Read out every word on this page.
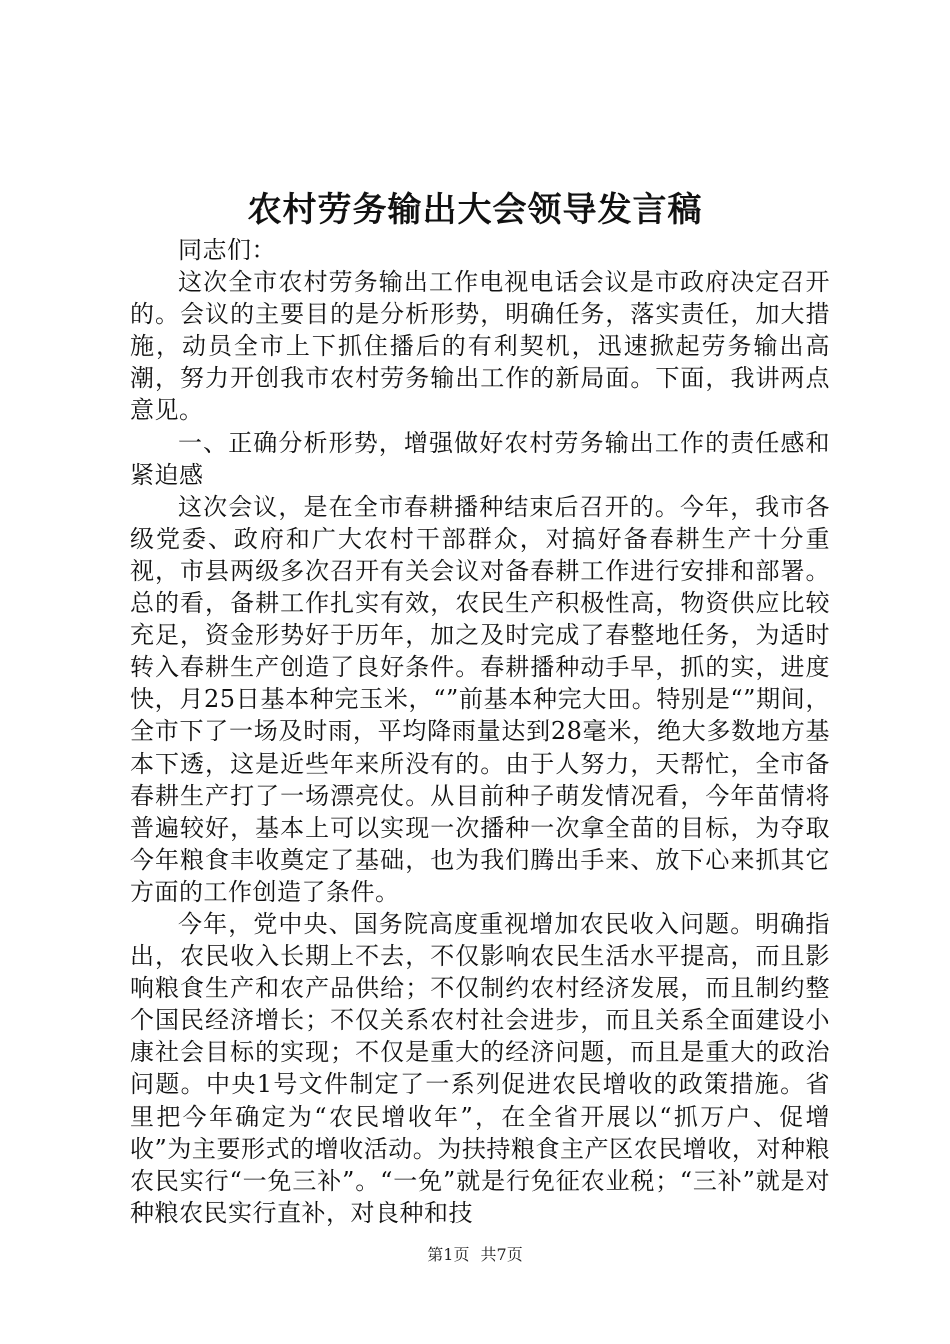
农村劳务输出大会领导发言稿

同志们：

这次全市农村劳务输出工作电视电话会议是市政府决定召开的。会议的主要目的是分析形势，明确任务，落实责任，加大措施，动员全市上下抓住播后的有利契机，迅速掀起劳务输出高潮，努力开创我市农村劳务输出工作的新局面。下面，我讲两点意见。

一、正确分析形势，增强做好农村劳务输出工作的责任感和紧迫感

这次会议，是在全市春耕播种结束后召开的。今年，我市各级党委、政府和广大农村干部群众，对搞好备春耕生产十分重视，市县两级多次召开有关会议对备春耕工作进行安排和部署。总的看，备耕工作扎实有效，农民生产积极性高，物资供应比较充足，资金形势好于历年，加之及时完成了春整地任务，为适时转入春耕生产创造了良好条件。春耕播种动手早，抓的实，进度快，月25日基本种完玉米，“”前基本种完大田。特别是“”期间，全市下了一场及时雨，平均降雨量达到28毫米，绝大多数地方基本下透，这是近些年来所没有的。由于人努力，天帮忙，全市备春耕生产打了一场漂亮仗。从目前种子萌发情况看，今年苗情将普遍较好，基本上可以实现一次播种一次拿全苗的目标，为夺取今年粮食丰收奠定了基础，也为我们腾出手来、放下心来抓其它方面的工作创造了条件。

今年，党中央、国务院高度重视增加农民收入问题。明确指出，农民收入长期上不去，不仅影响农民生活水平提高，而且影响粮食生产和农产品供给；不仅制约农村经济发展，而且制约整个国民经济增长；不仅关系农村社会进步，而且关系全面建设小康社会目标的实现；不仅是重大的经济问题，而且是重大的政治问题。中央1号文件制定了一系列促进农民增收的政策措施。省里把今年确定为“农民增收年”，在全省开展以“抓万户、促增收”为主要形式的增收活动。为扶持粮食主产区农民增收，对种粮农民实行“一免三补”。“一免”就是行免征农业税；“三补”就是对种粮农民实行直补，对良种和技

第1页 共7页
